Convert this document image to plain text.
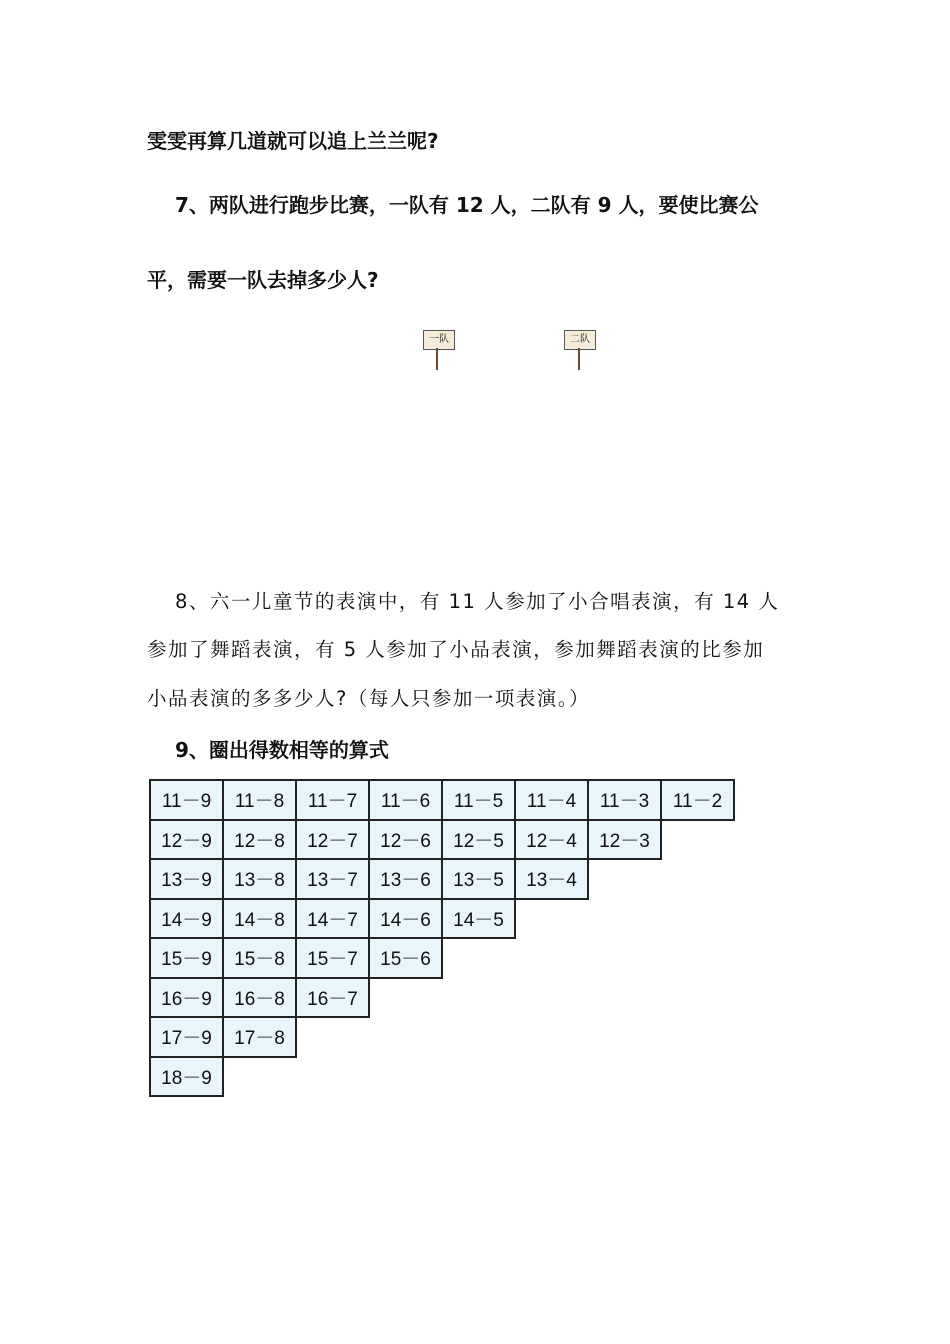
雯雯再算几道就可以追上兰兰呢?
7、两队进行跑步比赛，一队有 12 人，二队有 9 人，要使比赛公
平，需要一队去掉多少人?
一队	二队
8、六一儿童节的表演中，有 11 人参加了小合唱表演，有 14 人
参加了舞蹈表演，有 5 人参加了小品表演，参加舞蹈表演的比参加
小品表演的多多少人?（每人只参加一项表演。）
9、圈出得数相等的算式
11－9	11－8	11－7	11－6	11－5	11－4	11－3	11－2
12－9	12－8	12－7	12－6	12－5	12－4	12－3	
13－9	13－8	13－7	13－6	13－5	13－4		
14－9	14－8	14－7	14－6	14－5			
15－9	15－8	15－7	15－6				
16－9	16－8	16－7					
17－9	17－8						
18－9							
